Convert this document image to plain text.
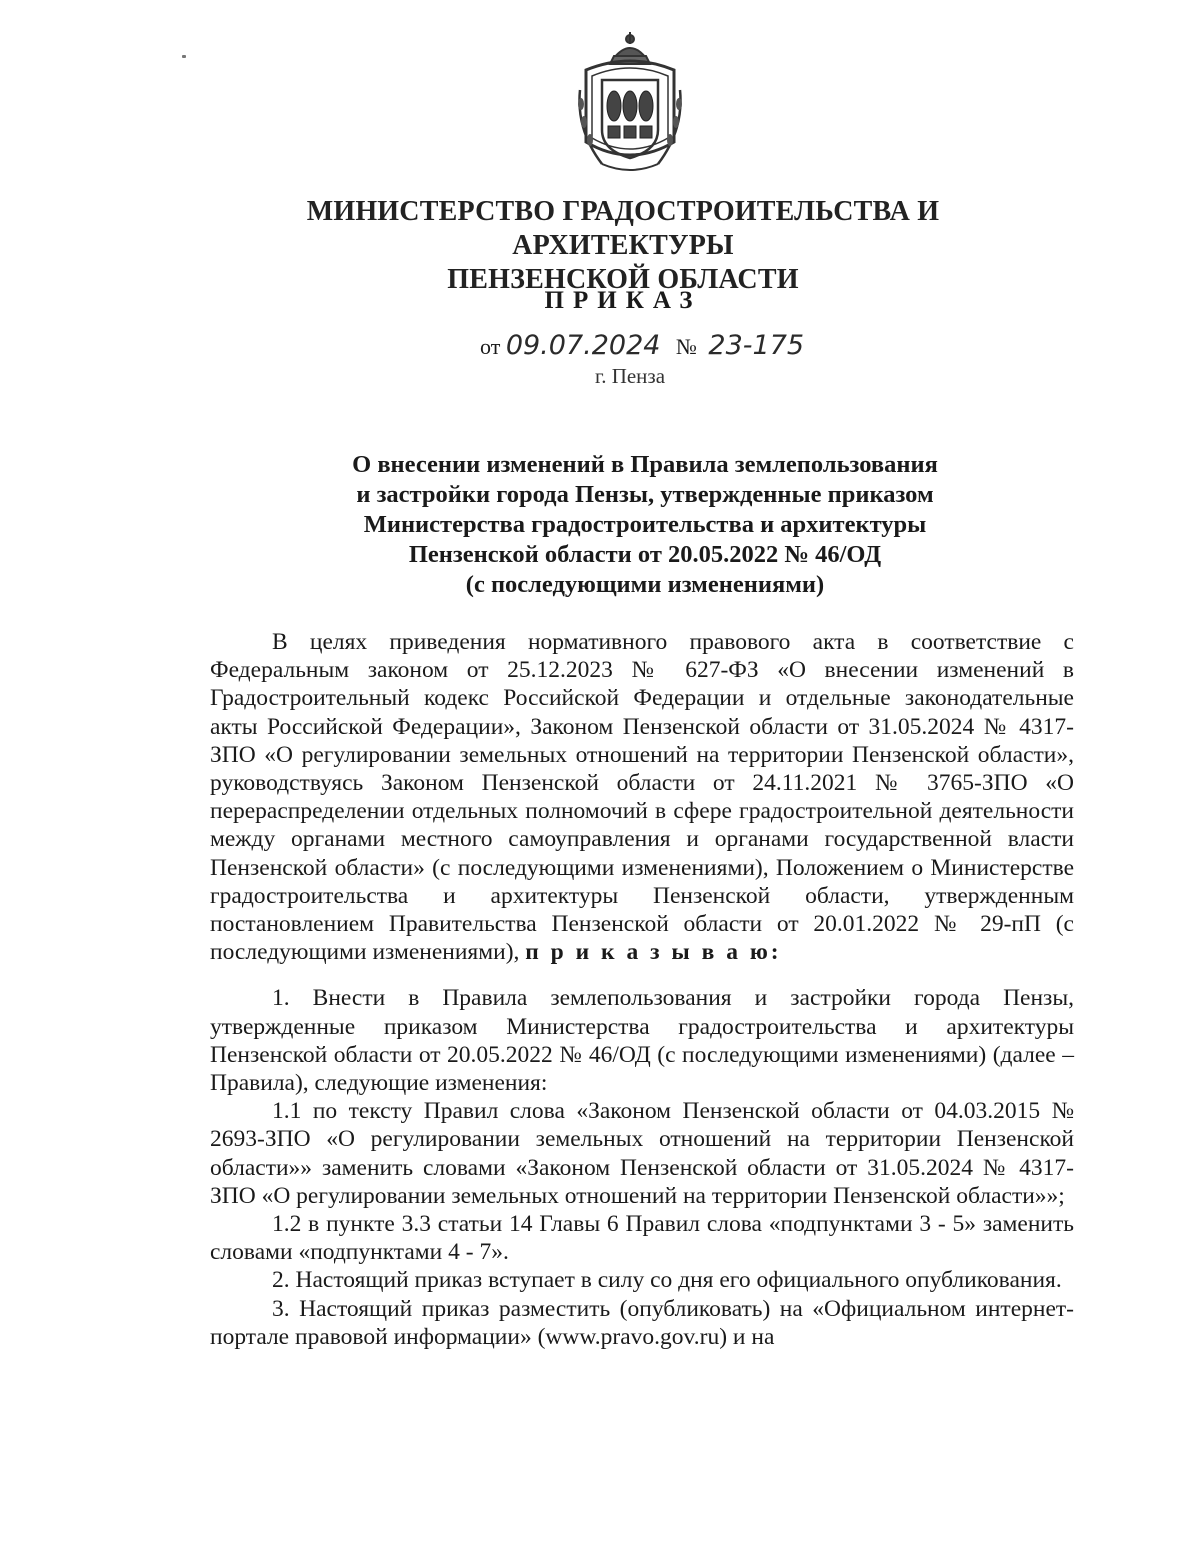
МИНИСТЕРСТВО ГРАДОСТРОИТЕЛЬСТВА И АРХИТЕКТУРЫ
ПЕНЗЕНСКОЙ ОБЛАСТИ
ПРИКАЗ
от 09.07.2024 № 23-175
г. Пенза
О внесении изменений в Правила землепользования
и застройки города Пензы, утвержденные приказом
Министерства градостроительства и архитектуры
Пензенской области от 20.05.2022 № 46/ОД
(с последующими изменениями)

В целях приведения нормативного правового акта в соответствие с Федеральным законом от 25.12.2023 № 627-ФЗ «О внесении изменений в Градостроительный кодекс Российской Федерации и отдельные законодательные акты Российской Федерации», Законом Пензенской области от 31.05.2024 № 4317-ЗПО «О регулировании земельных отношений на территории Пензенской области», руководствуясь Законом Пензенской области от 24.11.2021 № 3765-ЗПО «О перераспределении отдельных полномочий в сфере градостроительной деятельности между органами местного самоуправления и органами государственной власти Пензенской области» (с последующими изменениями), Положением о Министерстве градостроительства и архитектуры Пензенской области, утвержденным постановлением Правительства Пензенской области от 20.01.2022 № 29-пП (с последующими изменениями), п р и к а з ы в а ю:

1. Внести в Правила землепользования и застройки города Пензы, утвержденные приказом Министерства градостроительства и архитектуры Пензенской области от 20.05.2022 № 46/ОД (с последующими изменениями) (далее – Правила), следующие изменения:

1.1 по тексту Правил слова «Законом Пензенской области от 04.03.2015 № 2693-ЗПО «О регулировании земельных отношений на территории Пензенской области»» заменить словами «Законом Пензенской области от 31.05.2024 № 4317-ЗПО «О регулировании земельных отношений на территории Пензенской области»»;

1.2 в пункте 3.3 статьи 14 Главы 6 Правил слова «подпунктами 3 - 5» заменить словами «подпунктами 4 - 7».

2. Настоящий приказ вступает в силу со дня его официального опубликования.

3. Настоящий приказ разместить (опубликовать) на «Официальном интернет-портале правовой информации» (www.pravo.gov.ru) и на
